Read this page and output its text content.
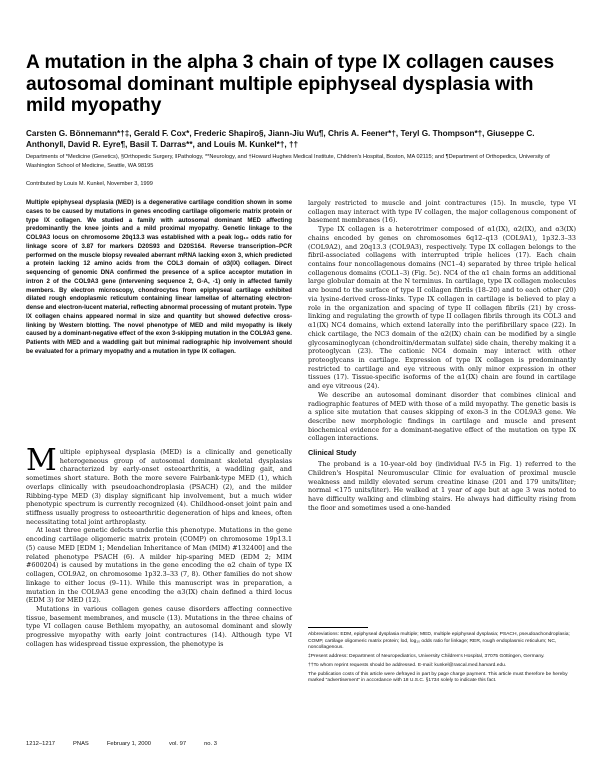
A mutation in the alpha 3 chain of type IX collagen causes autosomal dominant multiple epiphyseal dysplasia with mild myopathy

Carsten G. Bönnemann*†‡, Gerald F. Cox*, Frederic Shapiro§, Jiann-Jiu Wu¶, Chris A. Feener*†, Teryl G. Thompson*†, Giuseppe C. Anthony‖, David R. Eyre¶, Basil T. Darras**, and Louis M. Kunkel*†, ††

Departments of *Medicine (Genetics), §Orthopedic Surgery, ‖Pathology, **Neurology, and †Howard Hughes Medical Institute, Children's Hospital, Boston, MA 02115; and ¶Department of Orthopedics, University of Washington School of Medicine, Seattle, WA 98195

Contributed by Louis M. Kunkel, November 3, 1999

Multiple epiphyseal dysplasia (MED) is a degenerative cartilage condition shown in some cases to be caused by mutations in genes encoding cartilage oligomeric matrix protein or type IX collagen. We studied a family with autosomal dominant MED affecting predominantly the knee joints and a mild proximal myopathy. Genetic linkage to the COL9A3 locus on chromosome 20q13.3 was established with a peak log₁₀ odds ratio for linkage score of 3.87 for markers D20S93 and D20S164. Reverse transcription–PCR performed on the muscle biopsy revealed aberrant mRNA lacking exon 3, which predicted a protein lacking 12 amino acids from the COL3 domain of α3(IX) collagen. Direct sequencing of genomic DNA confirmed the presence of a splice acceptor mutation in intron 2 of the COL9A3 gene (intervening sequence 2, G-A, -1) only in affected family members. By electron microscopy, chondrocytes from epiphyseal cartilage exhibited dilated rough endoplasmic reticulum containing linear lamellae of alternating electron-dense and electron-lucent material, reflecting abnormal processing of mutant protein. Type IX collagen chains appeared normal in size and quantity but showed defective cross-linking by Western blotting. The novel phenotype of MED and mild myopathy is likely caused by a dominant-negative effect of the exon 3-skipping mutation in the COL9A3 gene. Patients with MED and a waddling gait but minimal radiographic hip involvement should be evaluated for a primary myopathy and a mutation in type IX collagen.

Multiple epiphyseal dysplasia (MED) is a clinically and genetically heterogeneous group of autosomal dominant skeletal dysplasias characterized by early-onset osteoarthritis, a waddling gait, and sometimes short stature. Both the more severe Fairbank-type MED (1), which overlaps clinically with pseudoachondroplasia (PSACH) (2), and the milder Ribbing-type MED (3) display significant hip involvement, but a much wider phenotypic spectrum is currently recognized (4). Childhood-onset joint pain and stiffness usually progress to osteoarthritic degeneration of hips and knees, often necessitating total joint arthroplasty.

At least three genetic defects underlie this phenotype. Mutations in the gene encoding cartilage oligomeric matrix protein (COMP) on chromosome 19p13.1 (5) cause MED [EDM 1; Mendelian Inheritance of Man (MIM) #132400] and the related phenotype PSACH (6). A milder hip-sparing MED (EDM 2; MIM #600204) is caused by mutations in the gene encoding the α2 chain of type IX collagen, COL9A2, on chromosome 1p32.3–33 (7, 8). Other families do not show linkage to either locus (9–11). While this manuscript was in preparation, a mutation in the COL9A3 gene encoding the α3(IX) chain defined a third locus (EDM 3) for MED (12).

Mutations in various collagen genes cause disorders affecting connective tissue, basement membranes, and muscle (13). Mutations in the three chains of type VI collagen cause Bethlem myopathy, an autosomal dominant and slowly progressive myopathy with early joint contractures (14). Although type VI collagen has widespread tissue expression, the phenotype is

largely restricted to muscle and joint contractures (15). In muscle, type VI collagen may interact with type IV collagen, the major collagenous component of basement membranes (16).

Type IX collagen is a heterotrimer composed of α1(IX), α2(IX), and α3(IX) chains encoded by genes on chromosomes 6q12–q13 (COL9A1), 1p32.3–33 (COL9A2), and 20q13.3 (COL9A3), respectively. Type IX collagen belongs to the fibril-associated collagens with interrupted triple helices (17). Each chain contains four noncollagenous domains (NC1–4) separated by three triple helical collagenous domains (COL1–3) (Fig. 5c). NC4 of the α1 chain forms an additional large globular domain at the N terminus. In cartilage, type IX collagen molecules are bound to the surface of type II collagen fibrils (18–20) and to each other (20) via lysine-derived cross-links. Type IX collagen in cartilage is believed to play a role in the organization and spacing of type II collagen fibrils (21) by cross-linking and regulating the growth of type II collagen fibrils through its COL3 and α1(IX) NC4 domains, which extend laterally into the perifibrillary space (22). In chick cartilage, the NC3 domain of the α2(IX) chain can be modified by a single glycosaminoglycan (chondroitin/dermatan sulfate) side chain, thereby making it a proteoglycan (23). The cationic NC4 domain may interact with other proteoglycans in cartilage. Expression of type IX collagen is predominantly restricted to cartilage and eye vitreous with only minor expression in other tissues (17). Tissue-specific isoforms of the α1(IX) chain are found in cartilage and eye vitreous (24).

We describe an autosomal dominant disorder that combines clinical and radiographic features of MED with those of a mild myopathy. The genetic basis is a splice site mutation that causes skipping of exon-3 in the COL9A3 gene. We describe new morphologic findings in cartilage and muscle and present biochemical evidence for a dominant-negative effect of the mutation on type IX collagen interactions.

Clinical Study

The proband is a 10-year-old boy (individual IV-5 in Fig. 1) referred to the Children's Hospital Neuromuscular Clinic for evaluation of proximal muscle weakness and mildly elevated serum creatine kinase (201 and 179 units/liter; normal <175 units/liter). He walked at 1 year of age but at age 3 was noted to have difficulty walking and climbing stairs. He always had difficulty rising from the floor and sometimes used a one-handed

Abbreviations: EDM, epiphyseal dysplasia multiple; MED, multiple epiphyseal dysplasia; PSACH, pseudoachondroplasia; COMP, cartilage oligomeric matrix protein; lod, log₁₀ odds ratio for linkage; RER, rough endoplasmic reticulum; NC, noncollagenous.

‡Present address: Department of Neuropediatrics, University Children's Hospital, 37075 Göttingen, Germany.

††To whom reprint requests should be addressed. E-mail: kunkel@rascal.med.harvard.edu.

The publication costs of this article were defrayed in part by page charge payment. This article must therefore be hereby marked "advertisement" in accordance with 18 U.S.C. §1734 solely to indicate this fact.

1212–1217	PNAS	February 1, 2000	vol. 97	no. 3
